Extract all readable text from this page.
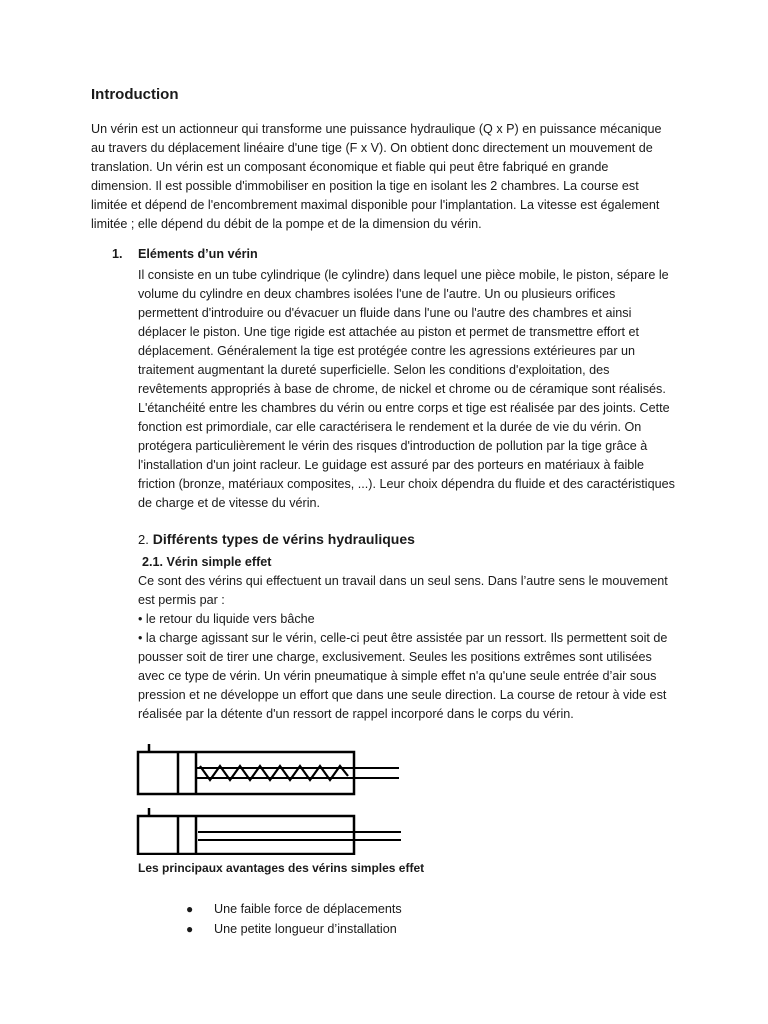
Introduction

Un vérin est un actionneur qui transforme une puissance hydraulique (Q x P) en puissance mécanique au travers du déplacement linéaire d'une tige (F x V). On obtient donc directement un mouvement de translation. Un vérin est un composant économique et fiable qui peut être fabriqué en grande dimension. Il est possible d'immobiliser en position la tige en isolant les 2 chambres. La course est limitée et dépend de l'encombrement maximal disponible pour l'implantation. La vitesse est également limitée ; elle dépend du débit de la pompe et de la dimension du vérin.

1. Eléments d’un vérin

Il consiste en un tube cylindrique (le cylindre) dans lequel une pièce mobile, le piston, sépare le volume du cylindre en deux chambres isolées l'une de l'autre. Un ou plusieurs orifices permettent d'introduire ou d'évacuer un fluide dans l'une ou l'autre des chambres et ainsi déplacer le piston. Une tige rigide est attachée au piston et permet de transmettre effort et déplacement. Généralement la tige est protégée contre les agressions extérieures par un traitement augmentant la dureté superficielle. Selon les conditions d'exploitation, des revêtements appropriés à base de chrome, de nickel et chrome ou de céramique sont réalisés. L'étanchéité entre les chambres du vérin ou entre corps et tige est réalisée par des joints. Cette fonction est primordiale, car elle caractérisera le rendement et la durée de vie du vérin. On protégera particulièrement le vérin des risques d'introduction de pollution par la tige grâce à l'installation d'un joint racleur. Le guidage est assuré par des porteurs en matériaux à faible friction (bronze, matériaux composites, ...). Leur choix dépendra du fluide et des caractéristiques de charge et de vitesse du vérin.

2. Différents types de vérins hydrauliques
2.1. Vérin simple effet
Ce sont des vérins qui effectuent un travail dans un seul sens. Dans l’autre sens le mouvement est permis par :
• le retour du liquide vers bâche
• la charge agissant sur le vérin, celle-ci peut être assistée par un ressort. Ils permettent soit de pousser soit de tirer une charge, exclusivement. Seules les positions extrêmes sont utilisées avec ce type de vérin. Un vérin pneumatique à simple effet n'a qu'une seule entrée d’air sous pression et ne développe un effort que dans une seule direction. La course de retour à vide est réalisée par la détente d'un ressort de rappel incorporé dans le corps du vérin.
Les principaux avantages des vérins simples effet
● Une faible force de déplacements
● Une petite longueur d’installation
